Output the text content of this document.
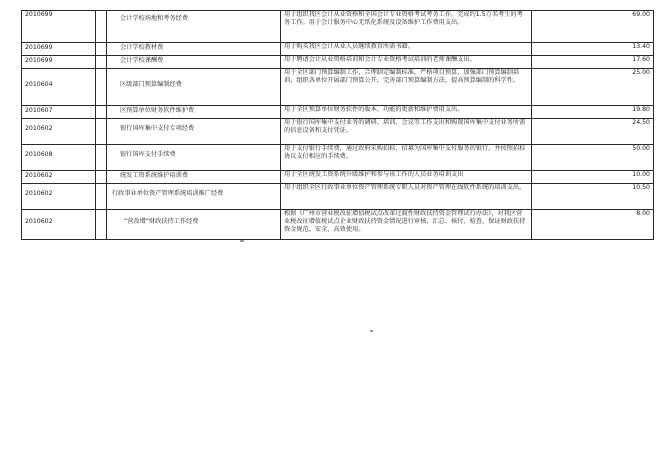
2010699		会计学校场地和考务经费	用于组织我区会计从业资格和全国会计专业资格考试考务工作，完成约1.5万名考生的考务工作。用于会计服务中心无纸化系统及设备维护工作费用支出。	69.00
2010699		会计学校教材费	用于购买我区会计从业人员继续教育所需书籍。	13.40
2010699		会计学校课酬费	用于聘请会计从业资格培训和会计专业资格考试培训的老师课酬支出。	17.60
2010604		区级部门预算编制经费	用于全区部门预算编制工作，合理制定编制标准，严格项目预算，加强部门预算编制培训，组织各单位开展部门预算公开，完善部门预算编制方法，提高预算编制的科学性。	25.00
2010607		区预算单位财务软件维护费	用于全区预算单位财务软件的版本、功能的更新和维护费用支出。	19.80
2010602		银行国库集中支付专项经费	用于银行国库集中支付业务的调研、培训、会议等工作支出和购置国库集中支付业务所需的信息设备和支付凭证。	24.50
2010608		银行国库支付手续费	用于支付银行手续费，通过政府采购招标，招募为国库集中支付服务的银行，并按照招标协议支付相应的手续费。	50.00
2010602		统发工资系统维护培训费	用于全区统发工资系统升级维护和参与该工作的人员业务培训支出	10.00
2010602		行政事业单位资产管理系统培训推广经费	用于组织全区行政事业单位资产管理系统专职人员对资产管理在线软件系统的培训支出。	10.50
2010602		“营改增”财政扶持工作经费	根据《广州市营业税改征增值税试点改革过渡性财政扶持资金管理试行办法》，对我区营业税改征增值税试点企业财政扶持资金情况进行审核、汇总、核付、检查，保证财政扶持资金规范、安全、高效使用。	8.00
